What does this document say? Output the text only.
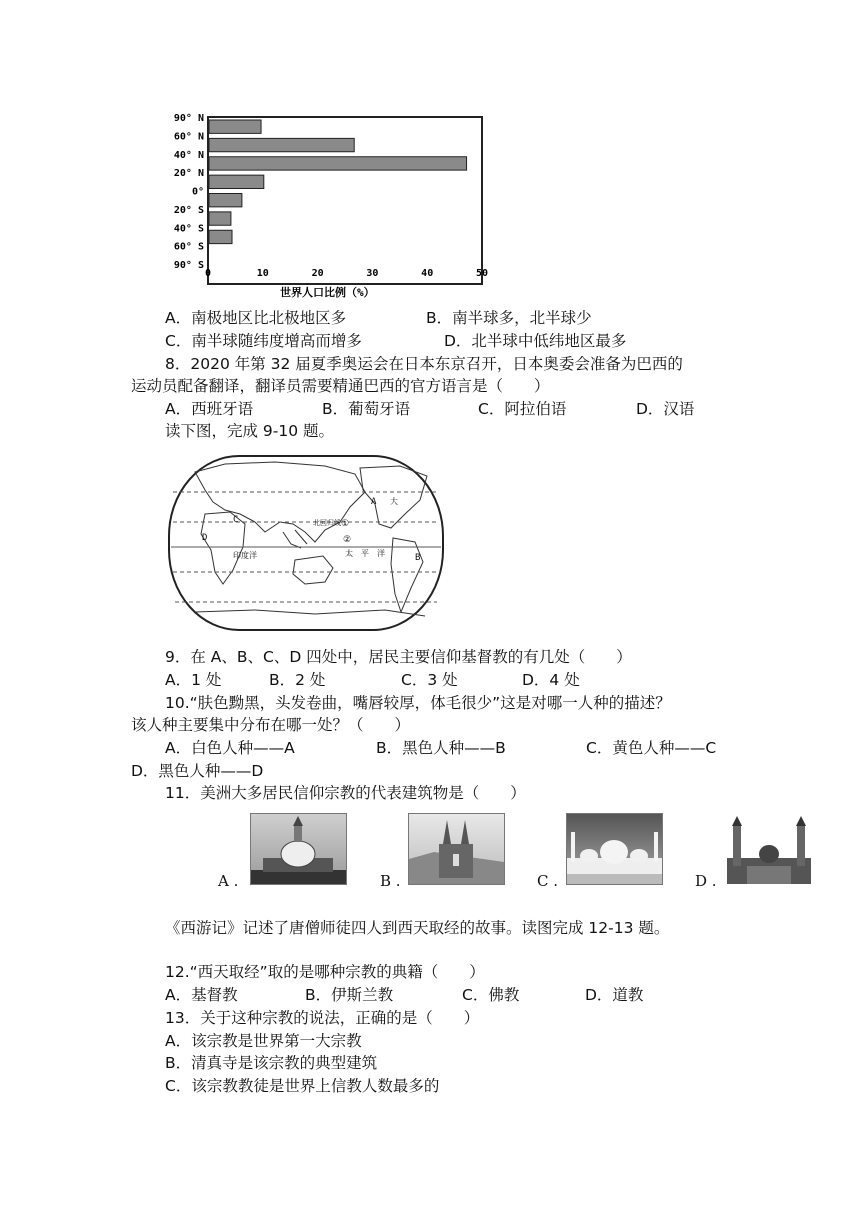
90° N
60° N
40° N
20° N
0°
20° S
40° S
60° S
90° S
0	10	20	30	40	50
世界人口比例（%）
A．南极地区比北极地区多	B．南半球多，北半球少
C．南半球随纬度增高而增多	D．北半球中低纬地区最多
8．2020 年第 32 届夏季奥运会在日本东京召开，日本奥委会准备为巴西的
运动员配备翻译，翻译员需要精通巴西的官方语言是（　　）
A．西班牙语	B．葡萄牙语	C．阿拉伯语	D．汉语
读下图，完成 9-10 题。
A
B
C
D
北回归线 ①
②
太　平　洋
印度洋
大
9．在 A、B、C、D 四处中，居民主要信仰基督教的有几处（　　）
A．1 处	B．2 处	C．3 处	D．4 处
10.“肤色黝黑，头发卷曲，嘴唇较厚，体毛很少”这是对哪一人种的描述？
该人种主要集中分布在哪一处？（　　）
A．白色人种——A	B．黑色人种——B	C．黄色人种——C
D．黑色人种——D
11．美洲大多居民信仰宗教的代表建筑物是（　　）
A .	B .	C .	D .
《西游记》记述了唐僧师徒四人到西天取经的故事。读图完成 12-13 题。
12.“西天取经”取的是哪种宗教的典籍（　　）
A．基督教	B．伊斯兰教	C．佛教	D．道教
13．关于这种宗教的说法，正确的是（　　）
A．该宗教是世界第一大宗教
B．清真寺是该宗教的典型建筑
C．该宗教教徒是世界上信教人数最多的
